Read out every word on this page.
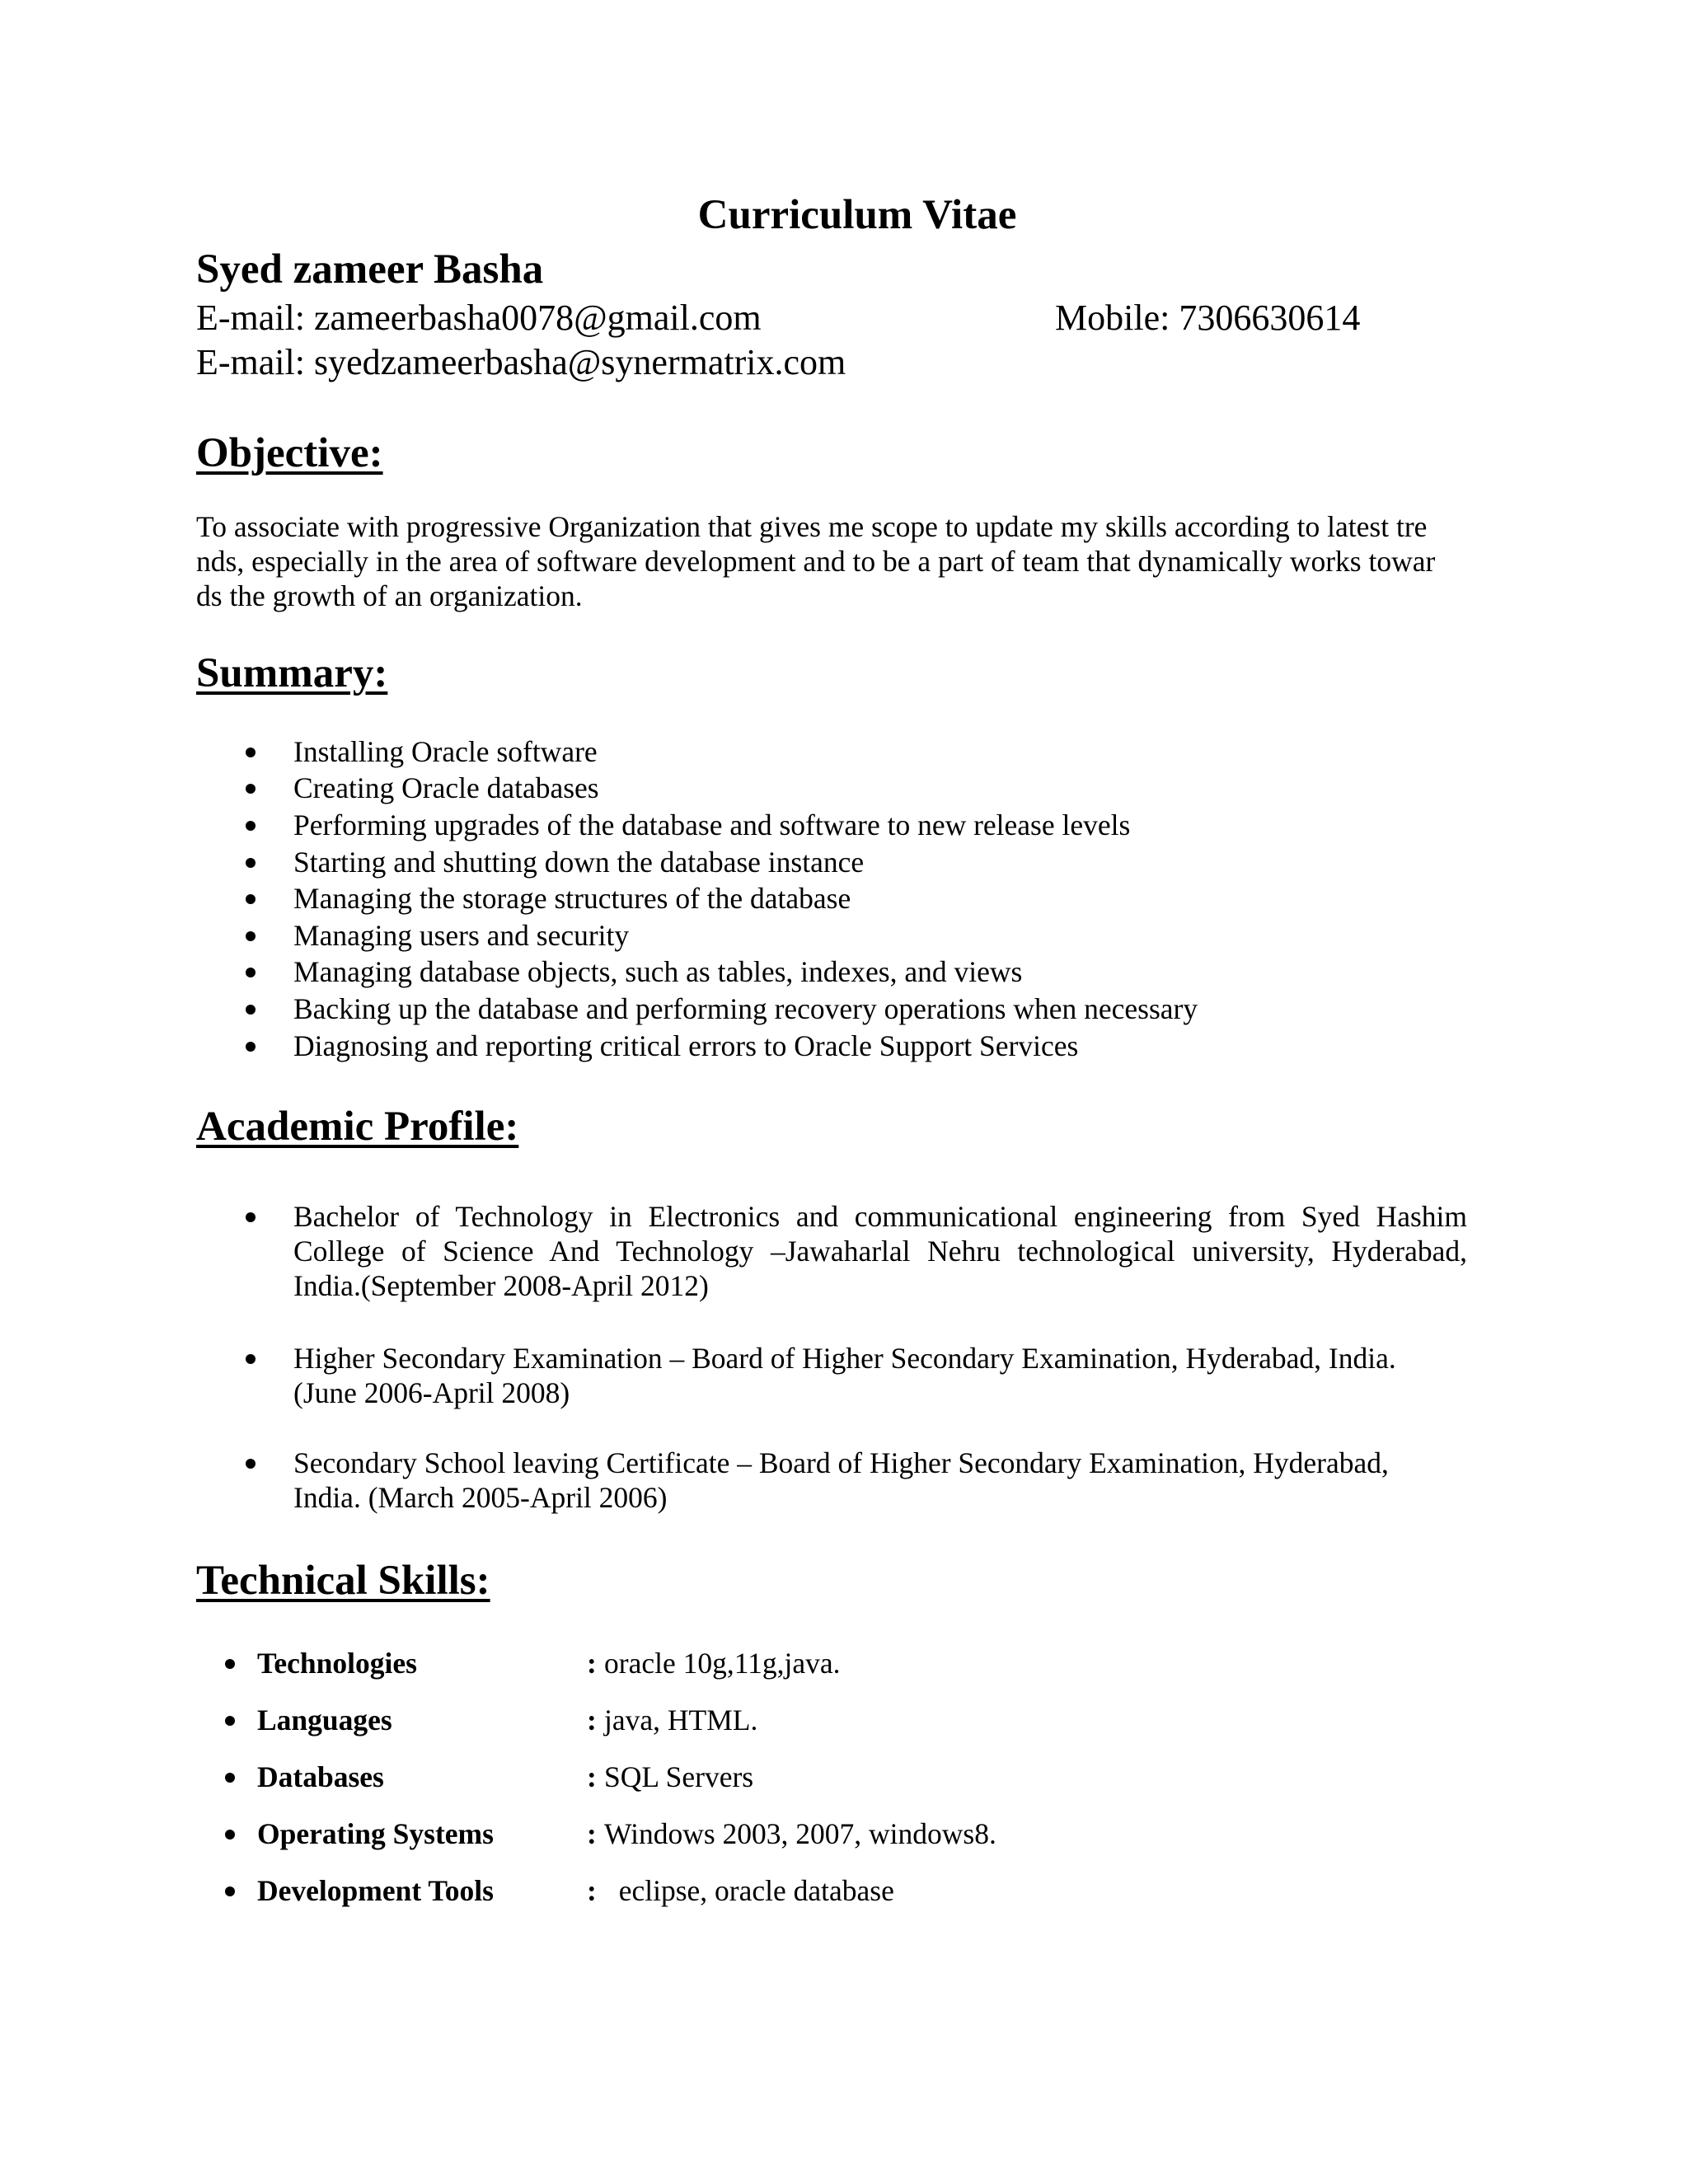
Curriculum Vitae
Syed zameer Basha
E-mail: zameerbasha0078@gmail.com	Mobile: 7306630614
E-mail: syedzameerbasha@synermatrix.com
Objective:
To associate with progressive Organization that gives me scope to update my skills according to latest tre
nds, especially in the area of software development and to be a part of team that dynamically works towar
ds the growth of an organization.
Summary:
Installing Oracle software
Creating Oracle databases
Performing upgrades of the database and software to new release levels
Starting and shutting down the database instance
Managing the storage structures of the database
Managing users and security
Managing database objects, such as tables, indexes, and views
Backing up the database and performing recovery operations when necessary
Diagnosing and reporting critical errors to Oracle Support Services
Academic Profile:
Bachelor of Technology in Electronics and communicational engineering from Syed Hashim
College of Science And Technology –Jawaharlal Nehru technological university, Hyderabad,
India.(September 2008-April 2012)
Higher Secondary Examination – Board of Higher Secondary Examination, Hyderabad, India.
(June 2006-April 2008)
Secondary School leaving Certificate – Board of Higher Secondary Examination, Hyderabad,
India. (March 2005-April 2006)
Technical Skills:
Technologies	: oracle 10g,11g,java.
Languages	: java, HTML.
Databases	: SQL Servers
Operating Systems	: Windows 2003, 2007, windows8.
Development Tools	: eclipse, oracle database
